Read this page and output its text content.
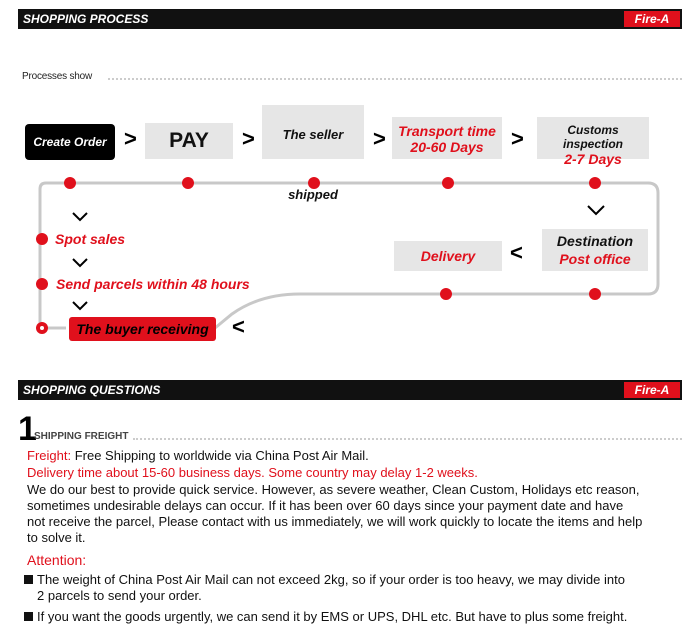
SHOPPING PROCESS	Fire-A
Processes show
Create Order >	PAY	>	The seller shipped
> Transport time
20-60 Days	>	Customs inspection
2-7 Days
Destination
Post office
<
Delivery
Spot sales
Send parcels within 48 hours
The buyer receiving	<
SHOPPING QUESTIONS	Fire-A
1
SHIPPING FREIGHT
Freight: Free Shipping to worldwide via China Post Air Mail.
Delivery time about 15-60 business days. Some country may delay 1-2 weeks.
We do our best to provide quick service. However, as severe weather, Clean Custom, Holidays etc reason,
sometimes undesirable delays can occur. If it has been over 60 days since your payment date and have
not receive the parcel, Please contact with us immediately, we will work quickly to locate the items and help
to solve it.
Attention:
The weight of China Post Air Mail can not exceed 2kg, so if your order is too heavy, we may divide into
2 parcels to send your order.
If you want the goods urgently, we can send it by EMS or UPS, DHL etc. But have to plus some freight.
